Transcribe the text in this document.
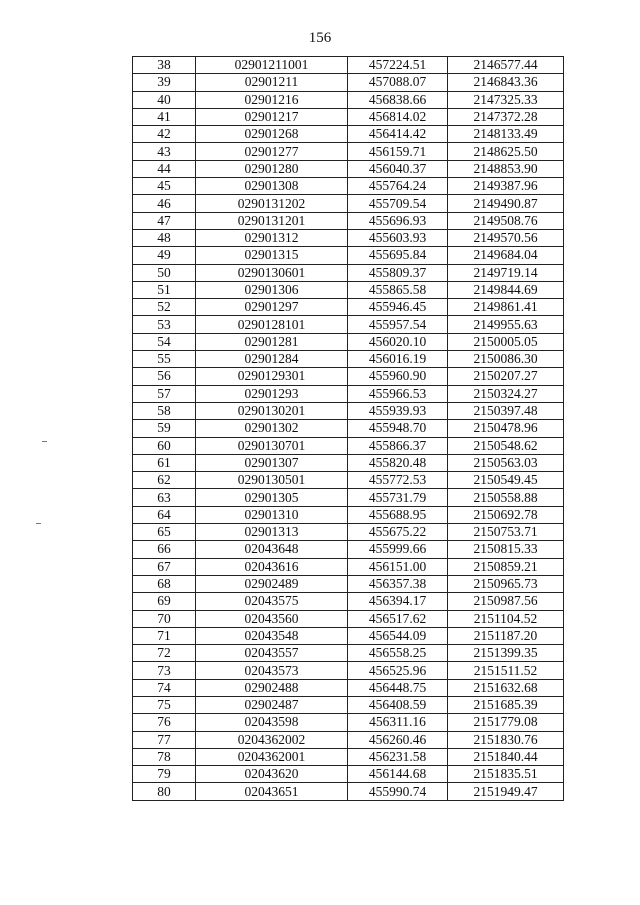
156
38	02901211001	457224.51	2146577.44
39	02901211	457088.07	2146843.36
40	02901216	456838.66	2147325.33
41	02901217	456814.02	2147372.28
42	02901268	456414.42	2148133.49
43	02901277	456159.71	2148625.50
44	02901280	456040.37	2148853.90
45	02901308	455764.24	2149387.96
46	0290131202	455709.54	2149490.87
47	0290131201	455696.93	2149508.76
48	02901312	455603.93	2149570.56
49	02901315	455695.84	2149684.04
50	0290130601	455809.37	2149719.14
51	02901306	455865.58	2149844.69
52	02901297	455946.45	2149861.41
53	0290128101	455957.54	2149955.63
54	02901281	456020.10	2150005.05
55	02901284	456016.19	2150086.30
56	0290129301	455960.90	2150207.27
57	02901293	455966.53	2150324.27
58	0290130201	455939.93	2150397.48
59	02901302	455948.70	2150478.96
60	0290130701	455866.37	2150548.62
61	02901307	455820.48	2150563.03
62	0290130501	455772.53	2150549.45
63	02901305	455731.79	2150558.88
64	02901310	455688.95	2150692.78
65	02901313	455675.22	2150753.71
66	02043648	455999.66	2150815.33
67	02043616	456151.00	2150859.21
68	02902489	456357.38	2150965.73
69	02043575	456394.17	2150987.56
70	02043560	456517.62	2151104.52
71	02043548	456544.09	2151187.20
72	02043557	456558.25	2151399.35
73	02043573	456525.96	2151511.52
74	02902488	456448.75	2151632.68
75	02902487	456408.59	2151685.39
76	02043598	456311.16	2151779.08
77	0204362002	456260.46	2151830.76
78	0204362001	456231.58	2151840.44
79	02043620	456144.68	2151835.51
80	02043651	455990.74	2151949.47
